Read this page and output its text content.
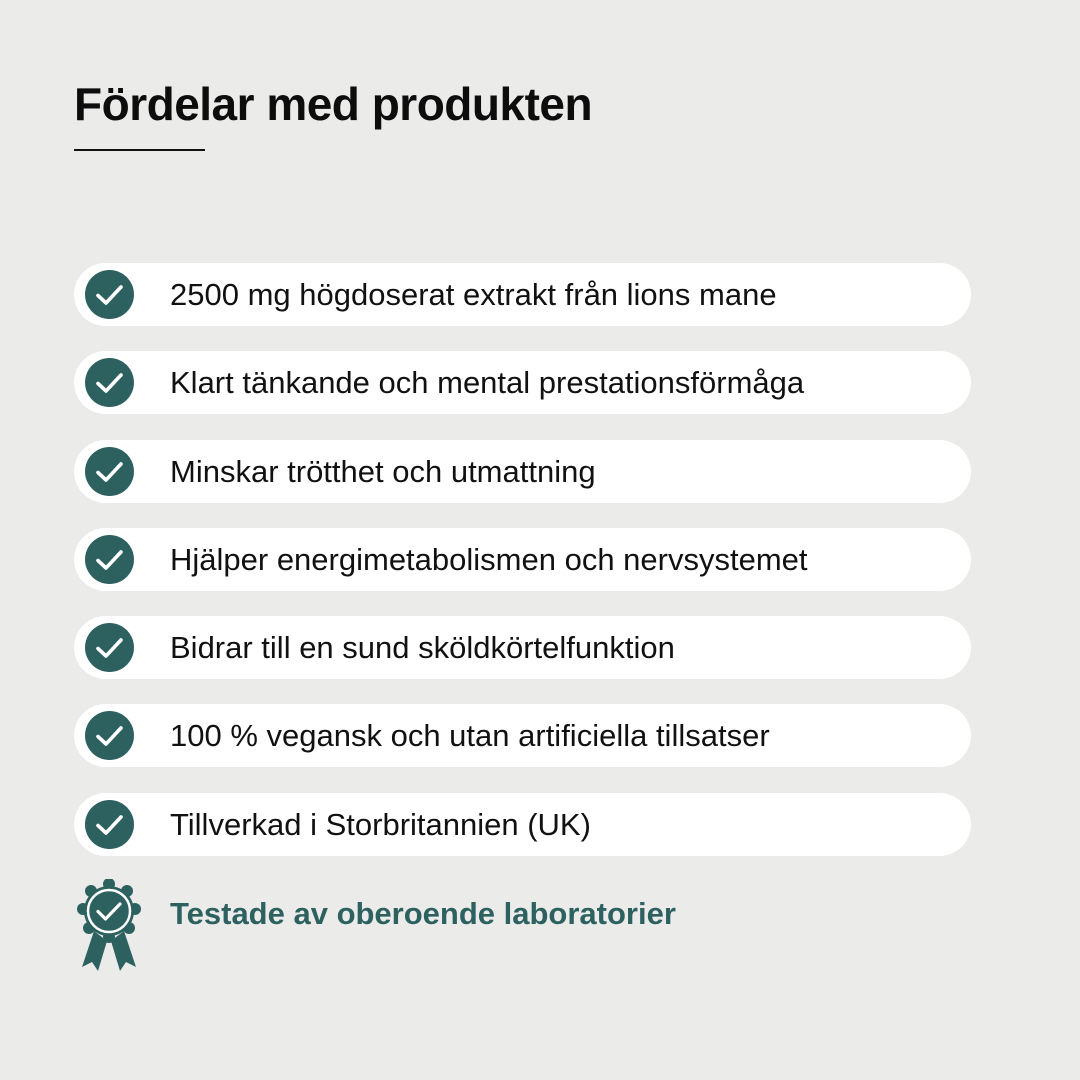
Fördelar med produkten
2500 mg högdoserat extrakt från lions mane
Klart tänkande och mental prestationsförmåga
Minskar trötthet och utmattning
Hjälper energimetabolismen och nervsystemet
Bidrar till en sund sköldkörtelfunktion
100 % vegansk och utan artificiella tillsatser
Tillverkad i Storbritannien (UK)
Testade av oberoende laboratorier
